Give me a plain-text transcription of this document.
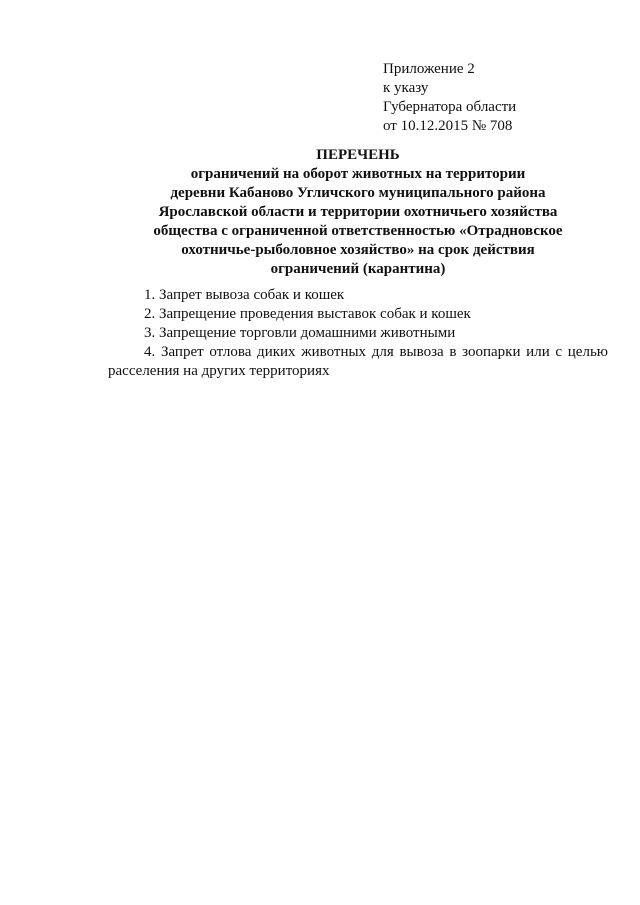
Приложение 2
к указу
Губернатора области
от 10.12.2015 № 708
ПЕРЕЧЕНЬ
ограничений на оборот животных на территории
деревни Кабаново Угличского муниципального района
Ярославской области и территории охотничьего хозяйства
общества с ограниченной ответственностью «Отрадновское
охотничье-рыболовное хозяйство» на срок действия
ограничений (карантина)
1. Запрет вывоза собак и кошек
2. Запрещение проведения выставок собак и кошек
3. Запрещение торговли домашними животными
4. Запрет отлова диких животных для вывоза в зоопарки или с целью расселения на других территориях
